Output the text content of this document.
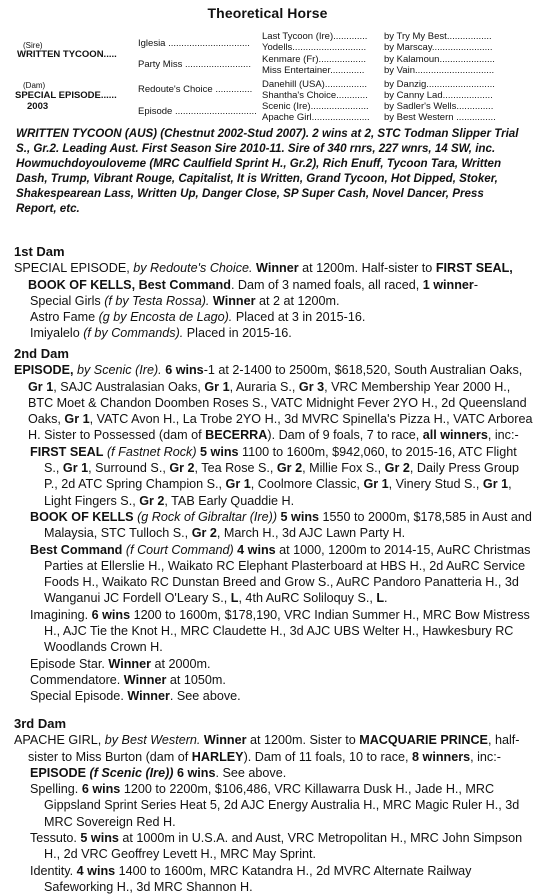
Theoretical Horse
(Sire)
WRITTEN TYCOON.....
(Dam)
SPECIAL EPISODE......
2003
Iglesia ...............................
Party Miss .........................
Redoute's Choice ..............
Episode ...............................
Last Tycoon (Ire).............
Yodells............................
Kenmare (Fr)..................
Miss Entertainer.............
Danehill (USA)................
Shantha's Choice............
Scenic (Ire)......................
Apache Girl......................
by Try My Best.................
by Marscay.......................
by Kalamoun.....................
by Vain..............................
by Danzig..........................
by Canny Lad...................
by Sadler's Wells..............
by Best Western ...............
WRITTEN TYCOON (AUS) (Chestnut 2002-Stud 2007). 2 wins at 2, STC Todman Slipper Trial S., Gr.2. Leading Aust. First Season Sire 2010-11. Sire of 340 rnrs, 227 wnrs, 14 SW, inc. Howmuchdoyouloveme (MRC Caulfield Sprint H., Gr.2), Rich Enuff, Tycoon Tara, Written Dash, Trump, Vibrant Rouge, Capitalist, It is Written, Grand Tycoon, Hot Dipped, Stoker, Shakespearean Lass, Written Up, Danger Close, SP Super Cash, Novel Dancer, Press Report, etc.
1st Dam

SPECIAL EPISODE, by Redoute's Choice. Winner at 1200m. Half-sister to FIRST SEAL, BOOK OF KELLS, Best Command. Dam of 3 named foals, all raced, 1 winner-

Special Girls (f by Testa Rossa). Winner at 2 at 1200m.

Astro Fame (g by Encosta de Lago). Placed at 3 in 2015-16.

Imiyalelo (f by Commands). Placed in 2015-16.

2nd Dam

EPISODE, by Scenic (Ire). 6 wins-1 at 2-1400 to 2500m, $618,520, South Australian Oaks, Gr 1, SAJC Australasian Oaks, Gr 1, Auraria S., Gr 3, VRC Membership Year 2000 H., BTC Moet & Chandon Doomben Roses S., VATC Midnight Fever 2YO H., 2d Queensland Oaks, Gr 1, VATC Avon H., La Trobe 2YO H., 3d MVRC Spinella's Pizza H., VATC Arborea H. Sister to Possessed (dam of BECERRA). Dam of 9 foals, 7 to race, all winners, inc:-

FIRST SEAL (f Fastnet Rock) 5 wins 1100 to 1600m, $942,060, to 2015-16, ATC Flight S., Gr 1, Surround S., Gr 2, Tea Rose S., Gr 2, Millie Fox S., Gr 2, Daily Press Group P., 2d ATC Spring Champion S., Gr 1, Coolmore Classic, Gr 1, Vinery Stud S., Gr 1, Light Fingers S., Gr 2, TAB Early Quaddie H.

BOOK OF KELLS (g Rock of Gibraltar (Ire)) 5 wins 1550 to 2000m, $178,585 in Aust and Malaysia, STC Tulloch S., Gr 2, March H., 3d AJC Lawn Party H.

Best Command (f Court Command) 4 wins at 1000, 1200m to 2014-15, AuRC Christmas Parties at Ellerslie H., Waikato RC Elephant Plasterboard at HBS H., 2d AuRC Service Foods H., Waikato RC Dunstan Breed and Grow S., AuRC Pandoro Panatteria H., 3d Wanganui JC Fordell O'Leary S., L, 4th AuRC Soliloquy S., L.

Imagining. 6 wins 1200 to 1600m, $178,190, VRC Indian Summer H., MRC Bow Mistress H., AJC Tie the Knot H., MRC Claudette H., 3d AJC UBS Welter H., Hawkesbury RC Woodlands Crown H.

Episode Star. Winner at 2000m.

Commendatore. Winner at 1050m.

Special Episode. Winner. See above.

3rd Dam

APACHE GIRL, by Best Western. Winner at 1200m. Sister to MACQUARIE PRINCE, half-sister to Miss Burton (dam of HARLEY). Dam of 11 foals, 10 to race, 8 winners, inc:-

EPISODE (f Scenic (Ire)) 6 wins. See above.

Spelling. 6 wins 1200 to 2200m, $106,486, VRC Killawarra Dusk H., Jade H., MRC Gippsland Sprint Series Heat 5, 2d AJC Energy Australia H., MRC Magic Ruler H., 3d MRC Sovereign Red H.

Tessuto. 5 wins at 1000m in U.S.A. and Aust, VRC Metropolitan H., MRC John Simpson H., 2d VRC Geoffrey Levett H., MRC May Sprint.

Identity. 4 wins 1400 to 1600m, MRC Katandra H., 2d MVRC Alternate Railway Safeworking H., 3d MRC Shannon H.
